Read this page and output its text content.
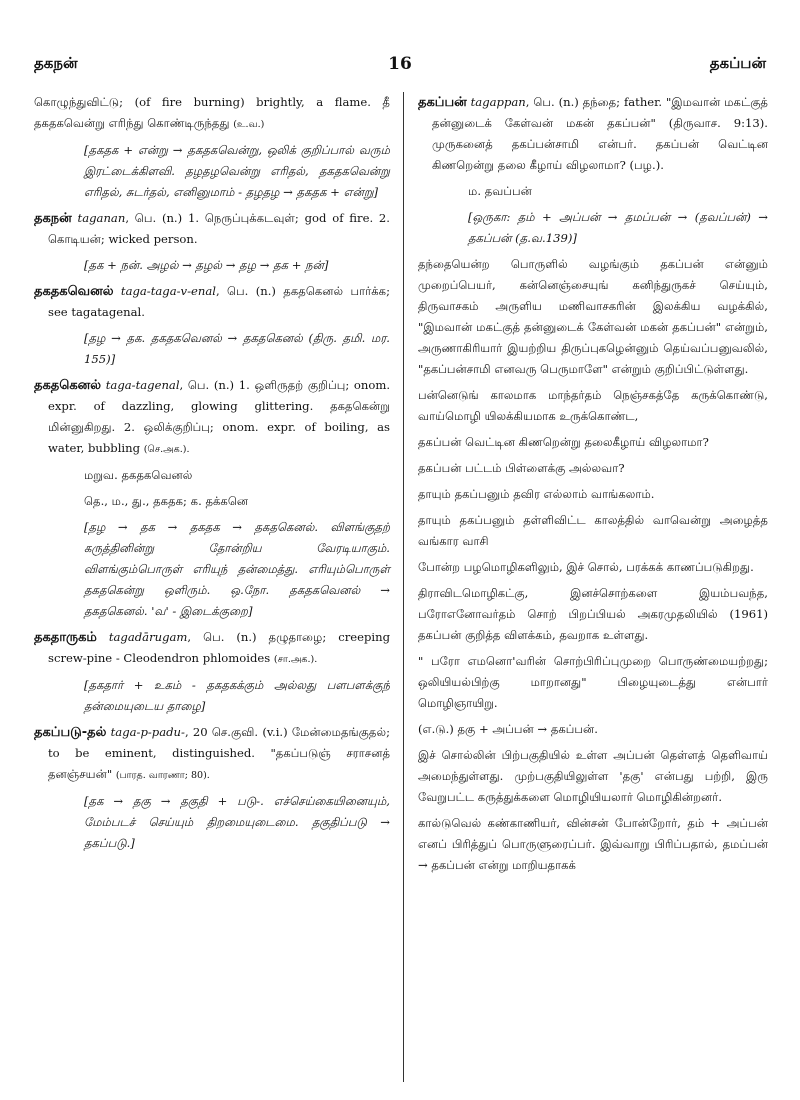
தகநன்	16	தகப்பன்

கொழுந்துவிட்டு; (of fire burning) brightly, a flame. தீ தகதகவென்று எரிந்து கொண்டிருந்தது (உ.வ.)

[தகதக + என்று → தகதகவென்று, ஒலிக் குறிப்பால் வரும் இரட்டைக்கிளவி. தழதழவென்று எரிதல், தகதகவென்று எரிதல், சுடர்தல், எனினுமாம் - தழதழ → தகதக + என்று]

தகநன் taganan, பெ. (n.) 1. நெருப்புக்கடவுள்; god of fire. 2. கொடியன்; wicked person.

[தக + நன். அழல் → தழல் → தழ → தக + நன்]

தகதகவெனல் taga-taga-v-enal, பெ. (n.) தகதகெனல் பார்க்க; see tagatagenal.

[தழ → தக. தகதகவெனல் → தகதகெனல் (திரு. தமி. மர. 155)]

தகதகெனல் taga-tagenal, பெ. (n.) 1. ஒளிருதற் குறிப்பு; onom. expr. of dazzling, glowing glittering. தகதகென்று மின்னுகிறது. 2. ஒலிக்குறிப்பு; onom. expr. of boiling, as water, bubbling (செ.அக.).

மறுவ. தகதகவெனல்

தெ., ம., து., தகதக; க. தக்கனெ

[தழ → தக → தகதக → தகதகெனல். விளங்குதற் கருத்தினின்று தோன்றிய வேரடியாகும். விளங்கும்பொருள் எரியுந் தன்மைத்து. எரியும்பொருள் தகதகென்று ஒளிரும். ஒ.நோ. தகதகவெனல் → தகதகெனல். 'வ' - இடைக்குறை]

தகதாருகம் tagadārugam, பெ. (n.) தழுதாழை; creeping screw-pine - Cleodendron phlomoides (சா.அக.).

[தகதார் + உகம் - தகதகக்கும் அல்லது பளபளக்குந் தன்மையுடைய தாழை]

தகப்படு-தல் taga-p-padu-, 20 செ.குவி. (v.i.) மேன்மைதங்குதல்; to be eminent, distinguished. "தகப்படுஞ் சராசனத் தனஞ்சயன்" (பாரத. வாரணா; 80).

[தக → தகு → தகுதி + படு-. எச்செய்கையினையும், மேம்படச் செய்யும் திறமையுடைமை. தகுதிப்படு → தகப்படு.]

தகப்பன் tagappan, பெ. (n.) தந்தை; father. "இமவான் மகட்குத் தன்னுடைக் கேள்வன் மகன் தகப்பன்" (திருவாச. 9:13). முருகனைத் தகப்பன்சாமி என்பர். தகப்பன் வெட்டின கிணறென்று தலை கீழாய் விழலாமா? (பழ.).

ம. தவப்பன்

[ஒருகா: தம் + அப்பன் → தமப்பன் → (தவப்பன்) → தகப்பன் (த.வ.139)]

தந்தையென்ற பொருளில் வழங்கும் தகப்பன் என்னும் முறைப்பெயர், கன்னெஞ்சையுங் கனிந்துருகச் செய்யும், திருவாசகம் அருளிய மணிவாசகரின் இலக்கிய வழக்கில், "இமவான் மகட்குத் தன்னுடைக் கேள்வன் மகன் தகப்பன்" என்றும், அருணாகிரியார் இயற்றிய திருப்புகழென்னும் தெய்வப்பனுவலில், "தகப்பன்சாமி எனவரு பெருமாளே" என்றும் குறிப்பிட்டுள்ளது.

பன்னெடுங் காலமாக மாந்தர்தம் நெஞ்சகத்தே கருக்கொண்டு, வாய்மொழி யிலக்கியமாக உருக்கொண்ட,

தகப்பன் வெட்டின கிணறென்று தலைகீழாய் விழலாமா?

தகப்பன் பட்டம் பிள்ளைக்கு அல்லவா?

தாயும் தகப்பனும் தவிர எல்லாம் வாங்கலாம்.

தாயும் தகப்பனும் தள்ளிவிட்ட காலத்தில் வாவென்று அழைத்த வங்கார வாசி

போன்ற பழமொழிகளிலும், இச் சொல், பரக்கக் காணப்படுகிறது.

திராவிடமொழிகட்கு, இனச்சொற்களை இயம்பவந்த, பரோஎனோவர்தம் சொற் பிறப்பியல் அகரமுதலியில் (1961) தகப்பன் குறித்த விளக்கம், தவறாக உள்ளது.

" பரோ எமனொ'வரின் சொற்பிரிப்புமுறை பொருண்மையற்றது; ஒலியியல்பிற்கு மாறானது" பிழையுடைத்து என்பார் மொழிஞாயிறு.

(எ.டு.) தகு + அப்பன் → தகப்பன்.

இச் சொல்லின் பிற்பகுதியில் உள்ள அப்பன் தெள்ளத் தெளிவாய் அமைந்துள்ளது. முற்பகுதியிலுள்ள 'தகு' என்பது பற்றி, இரு வேறுபட்ட கருத்துக்களை மொழியியலார் மொழிகின்றனர்.

கால்டுவெல் கண்காணியர், வின்சன் போன்றோர், தம் + அப்பன் எனப் பிரித்துப் பொருளுரைப்பர். இவ்வாறு பிரிப்பதால், தமப்பன் → தகப்பன் என்று மாறியதாகக்
